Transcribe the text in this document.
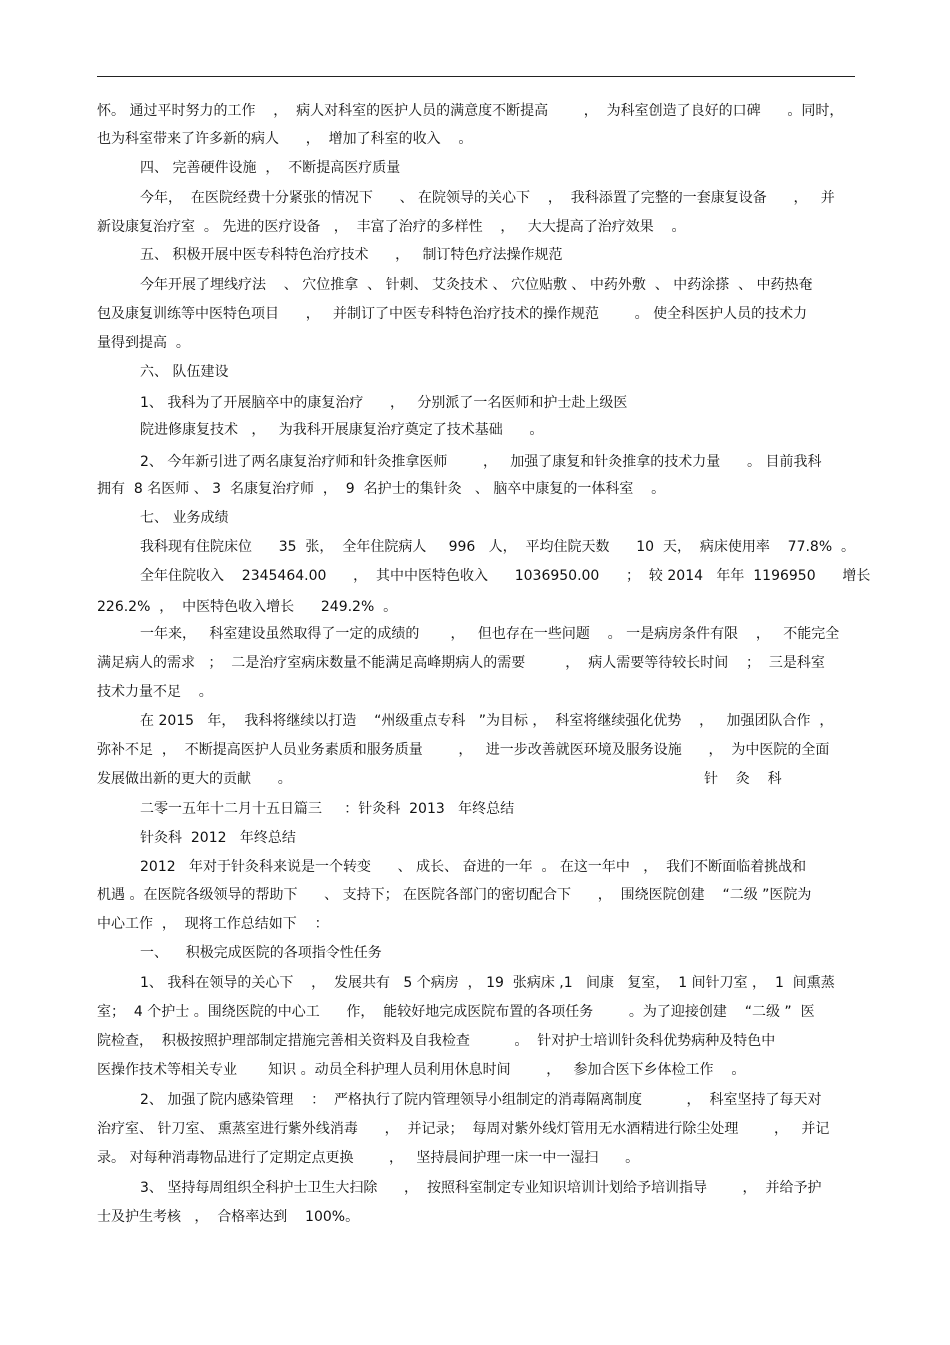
怀。 通过平时努力的工作    ，  病人对科室的医护人员的满意度不断提高        ，  为科室创造了良好的口碑      。同时，
也为科室带来了许多新的病人      ，  增加了科室的收入    。
四、 完善硬件设施  ，  不断提高医疗质量
今年，  在医院经费十分紧张的情况下      、 在院领导的关心下    ，  我科添置了完整的一套康复设备      ，   并
新设康复治疗室  。 先进的医疗设备   ，  丰富了治疗的多样性    ，   大大提高了治疗效果    。
五、 积极开展中医专科特色治疗技术      ，   制订特色疗法操作规范
今年开展了埋线疗法    、 穴位推拿  、 针刺、 艾灸技术 、 穴位贴敷 、 中药外敷  、 中药涂搽  、 中药热奄
包及康复训练等中医特色项目      ，   并制订了中医专科特色治疗技术的操作规范        。 使全科医护人员的技术力
量得到提高  。
六、 队伍建设
1、 我科为了开展脑卒中的康复治疗      ，   分别派了一名医师和护士赴上级医
院进修康复技术   ，   为我科开展康复治疗奠定了技术基础      。
2、 今年新引进了两名康复治疗师和针灸推拿医师        ，   加强了康复和针灸推拿的技术力量      。 目前我科
拥有  8 名医师 、 3  名康复治疗师  ，  9  名护士的集针灸   、 脑卒中康复的一体科室    。
七、 业务成绩
我科现有住院床位      35  张，  全年住院病人     996   人，  平均住院天数      10  天，  病床使用率    77.8%  。
全年住院收入    2345464.00      ，  其中中医特色收入      1036950.00      ；  较 2014   年年  1196950      增长
226.2%  ，  中医特色收入增长      249.2%  。
一年来，   科室建设虽然取得了一定的成绩的       ，   但也存在一些问题    。 一是病房条件有限    ，   不能完全
满足病人的需求   ；  二是治疗室病床数量不能满足高峰期病人的需要         ，  病人需要等待较长时间    ；  三是科室
技术力量不足    。
在 2015   年，  我科将继续以打造    “州级重点专科   ”为目标 ，  科室将继续强化优势    ，   加强团队合作  ，
弥补不足  ，  不断提高医护人员业务素质和服务质量        ，   进一步改善就医环境及服务设施      ，  为中医院的全面
发展做出新的更大的贡献      。	针    灸    科
二零一五年十二月十五日篇三     ：针灸科  2013   年终总结
针灸科  2012   年终总结
2012   年对于针灸科来说是一个转变      、 成长、 奋进的一年  。 在这一年中   ，  我们不断面临着挑战和
机遇 。在医院各级领导的帮助下      、 支持下； 在医院各部门的密切配合下      ，  围绕医院创建    “二级 ”医院为
中心工作  ，  现将工作总结如下    ：
一、    积极完成医院的各项指令性任务
1、 我科在领导的关心下    ，  发展共有   5 个病房  ， 19  张病床 ,1   间康   复室，  1 间针刀室 ，  1  间熏蒸
室；  4 个护士 。围绕医院的中心工      作，  能较好地完成医院布置的各项任务        。为了迎接创建    “二级 ”  医
院检查，  积极按照护理部制定措施完善相关资料及自我检查          。  针对护士培训针灸科优势病种及特色中
医操作技术等相关专业       知识 。动员全科护理人员利用休息时间        ，   参加合医下乡体检工作    。
2、 加强了院内感染管理    ：  严格执行了院内管理领导小组制定的消毒隔离制度          ，  科室坚持了每天对
治疗室、 针刀室、 熏蒸室进行紫外线消毒      ，  并记录；  每周对紫外线灯管用无水酒精进行除尘处理        ，   并记
录。 对每种消毒物品进行了定期定点更换        ，   坚持晨间护理一床一中一湿扫      。
3、 坚持每周组织全科护士卫生大扫除      ，  按照科室制定专业知识培训计划给予培训指导        ，  并给予护
士及护生考核   ，  合格率达到    100%。
